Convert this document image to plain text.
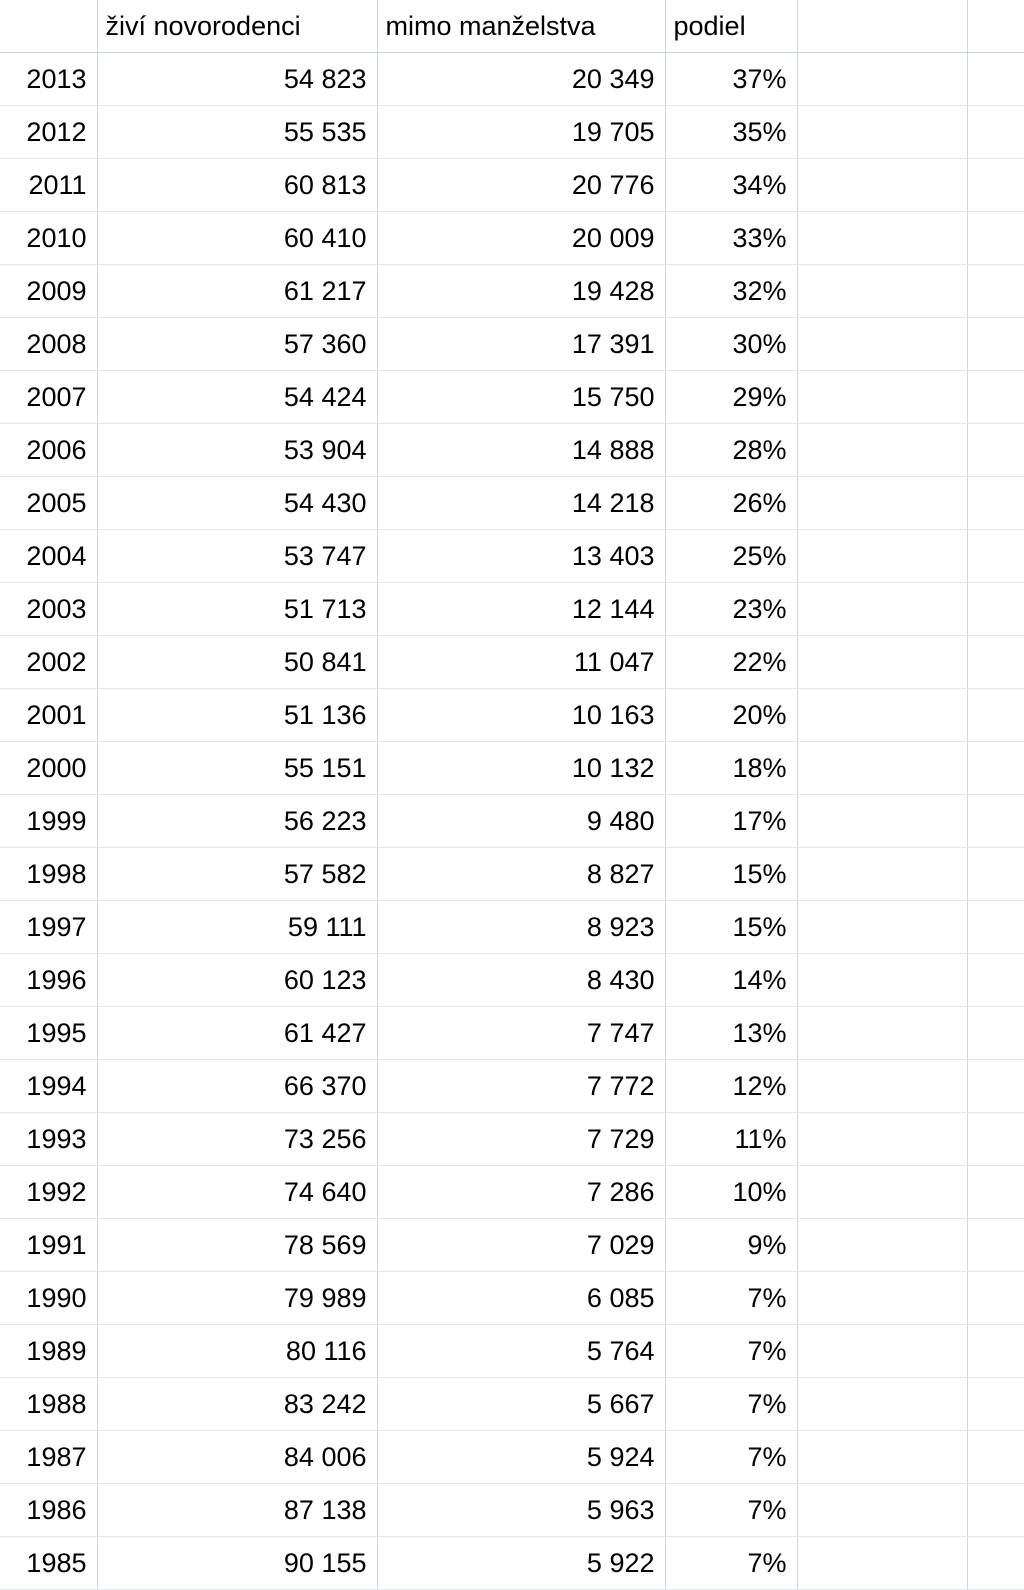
	živí novorodenci	mimo manželstva	podiel		
2013	54 823	20 349	37%		
2012	55 535	19 705	35%		
2011	60 813	20 776	34%		
2010	60 410	20 009	33%		
2009	61 217	19 428	32%		
2008	57 360	17 391	30%		
2007	54 424	15 750	29%		
2006	53 904	14 888	28%		
2005	54 430	14 218	26%		
2004	53 747	13 403	25%		
2003	51 713	12 144	23%		
2002	50 841	11 047	22%		
2001	51 136	10 163	20%		
2000	55 151	10 132	18%		
1999	56 223	9 480	17%		
1998	57 582	8 827	15%		
1997	59 111	8 923	15%		
1996	60 123	8 430	14%		
1995	61 427	7 747	13%		
1994	66 370	7 772	12%		
1993	73 256	7 729	11%		
1992	74 640	7 286	10%		
1991	78 569	7 029	9%		
1990	79 989	6 085	7%		
1989	80 116	5 764	7%		
1988	83 242	5 667	7%		
1987	84 006	5 924	7%		
1986	87 138	5 963	7%		
1985	90 155	5 922	7%		
